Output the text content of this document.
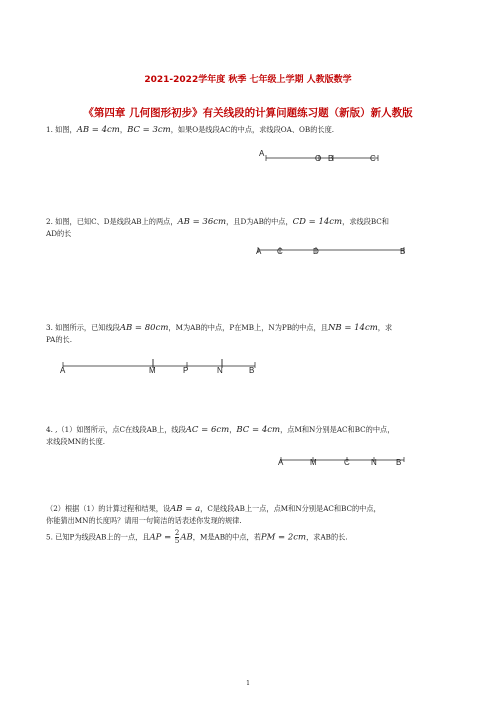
2021-2022学年度 秋季 七年级上学期 人教版数学
《第四章 几何图形初步》有关线段的计算问题练习题（新版）新人教版
1. 如图，AB = 4cm，BC = 3cm，如果O是线段AC的中点，求线段OA、OB的长度.
A
O B	C
2. 如图，已知C、D是线段AB上的两点，AB = 36cm，且D为AB的中点，CD = 14cm，求线段BC和
AD的长
A C	D	B
3. 如图所示，已知线段AB = 80cm，M为AB的中点，P在MB上，N为PB的中点，且NB = 14cm，求
PA的长.
A	M	P	N	B
4. ,（1）如图所示，点C在线段AB上，线段AC = 6cm，BC = 4cm，点M和N分别是AC和BC的中点，
求线段MN的长度.
A	M	C	N B
（2）根据（1）的计算过程和结果，设AB = a，C是线段AB上一点，点M和N分别是AC和BC的中点，
你能猜出MN的长度吗？请用一句简洁的话表述你发现的规律.
5. 已知P为线段AB上的一点，且AP = $\frac{2}{5}$ AB，M是AB的中点，若PM = 2cm，求AB的长.
1
